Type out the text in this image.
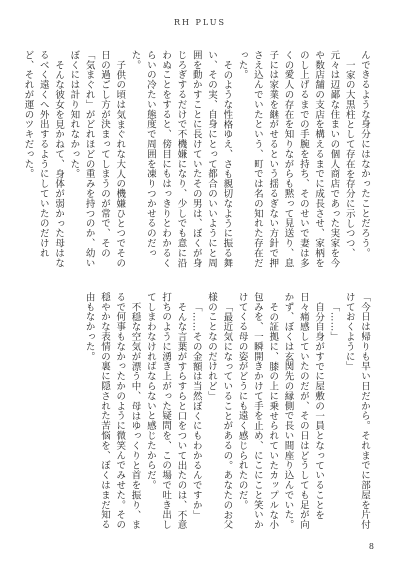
RH PLUS

んできるような身分にはなかったことだろう。

一家の大黒柱として存在を存分に示しつつ、元々は辺鄙な住まいの個人商店であった実家を今や数店舗の支店を構えるまでに成長させ、家柄をのし上げるまでの手腕を持ち、そのせいで妻は多くの愛人の存在を知りながらも黙って見送り、息子には家業を継がせるという揺るぎない方針で押さえ込んでいたという、町では名の知れた存在だった。

そのような性格ゆえ、さも親切なように振る舞い、その実、自身にとって都合のいいようにと周囲を動かすことに長けていたその男は、ぼくが身じろぎするだけで不機嫌になり、少しでも意に沿わぬことをすると、傍目にもはっきりとわかるくらいの冷たい態度で周囲を凍りつかせるのだった。

子供の頃は気まぐれな大人の機嫌ひとつでその日の過ごし方が決まってしまうのが常で、その「気まぐれ」がどれほどの重みを持つのか、幼いぼくには計り知れなかった。

そんな彼女を見かねて、身体が弱かった母はなるべく遠くへ外出するようにしていたのだけれど、それが運のツキだった。

「今日は帰りも早い日だから。それまでに部屋を片付けておくように」

「……」

自分自身がすでに屋敷の一員となっていることを日々痛感していたのだが、その日はどうしても足が向かず、ぼくは玄関先の縁側で長い間座り込んでいた。

その証拠に、膝の上に乗せられていたカップルな小包みを、一瞬開きかけて手を止め、にこにこと笑いかけてくる母の姿がどうにも遠く感じられたのだ。

「最近気になっていることがあるの。あなたのお父様のことなのだけれど」

「……その金額は当然ぼくにもわかるんですか」

そんな言葉がすらすらと口をついて出たのは、不意打ちのように湧き上がった疑問を、この場で吐き出してしまわなければならないと感じたからだ。

不穏な空気が漂う中、母はゆっくりと首を振り、まるで何事もなかったかのように微笑んでみせた。その穏やかな表情の裏に隠された苦悩を、ぼくはまだ知る由もなかった。

8
